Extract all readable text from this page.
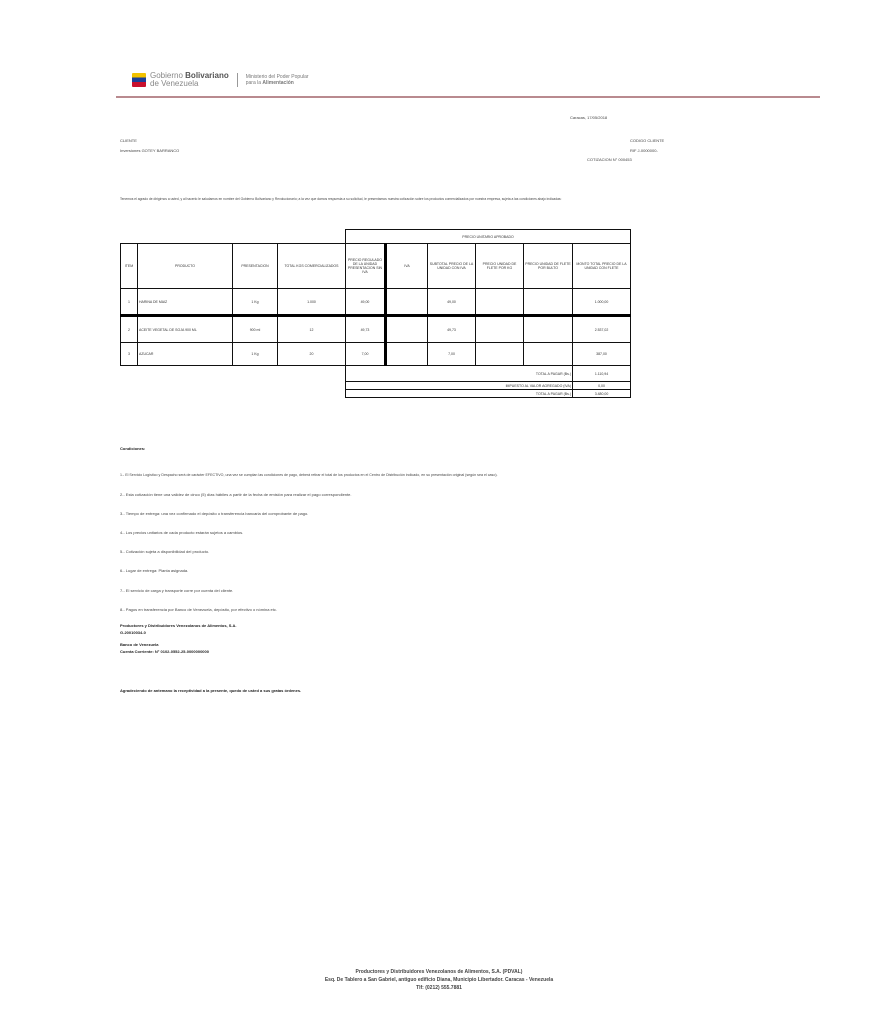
Gobierno Bolivariano
de Venezuela
Ministerio del Poder Popular
para la Alimentación
Caracas, 17/05/2018
CLIENTE
Inversiones GOTEY BARRANCO
CODIGO CLIENTE
RIF J-0000000-
COTIZACION N° 000453
Tenemos el agrado de dirigirnos a usted, y al hacerlo le saludamos en nombre del Gobierno Bolivariano y Revolucionario; a la vez que damos respuesta a su solicitud, le presentamos nuestra cotización sobre los productos comercializados por nuestra empresa, sujeta a las condiciones abajo indicadas:
				PRECIO UNITARIO APROBADO					
ITEM	PRODUCTO	PRESENTACION	TOTAL KGS COMERCIALIZADOS	PRECIO REGULADO DE LA UNIDAD PRESENTACION SIN IVA	IVA	SUBTOTAL PRECIO DE LA UNIDAD CON IVA	PRECIO UNIDAD DE FLETE POR KG	PRECIO UNIDAD DE FLETE POR BULTO	MONTO TOTAL PRECIO DE LA UNIDAD CON FLETE
1	HARINA DE MAIZ	1 Kg	1.000	49,00		49,00			1.000,00
2	ACEITE VEGETAL DE SOJA 900 ML	900 ml	12	49,73		49,73			2.537,02
3	AZUCAR	1 Kg	20	7,00		7,00			387,00
				TOTAL A PAGAR (Bs.)					1.110,94
				IMPUESTO AL VALOR AGREGADO (IVA)					0,00
				TOTAL A PAGAR (Bs.)					3.480,00
Condiciones:
1.- El Servicio Logístico y Despacho será de carácter EFECTIVO, una vez se cumplan las condiciones de pago, deberá retirar el total de los productos en el Centro de Distribución indicado, en su presentación original (según sea el caso).
2.- Esta cotización tiene una validez de cinco (5) días hábiles a partir de la fecha de emisión para realizar el pago correspondiente.
3.- Tiempo de entrega: una vez confirmado el depósito o transferencia bancaria del comprobante de pago.
4.- Los precios unitarios de cada producto estarán sujetos a cambios.
5.- Cotización sujeta a disponibilidad del producto.
6.- Lugar de entrega: Planta asignada.
7.- El servicio de carga y transporte corre por cuenta del cliente.
8.- Pagos en transferencia por Banco de Venezuela, depósito, por efectivo o nómina etc.
Productores y Distribuidores Venezolanos de Alimentos, S.A.
G-20010034-0
Banco de Venezuela
Cuenta Corriente: N° 0102-0552-25-0000000000
Agradeciendo de antemano la receptividad a la presente, quedo de usted a sus gratas órdenes.
Productores y Distribuidores Venezolanos de Alimentos, S.A. (PDVAL)
Esq. De Tablero a San Gabriel, antiguo edificio Diana, Municipio Libertador. Caracas - Venezuela
Tlf: (0212) 555.7881
